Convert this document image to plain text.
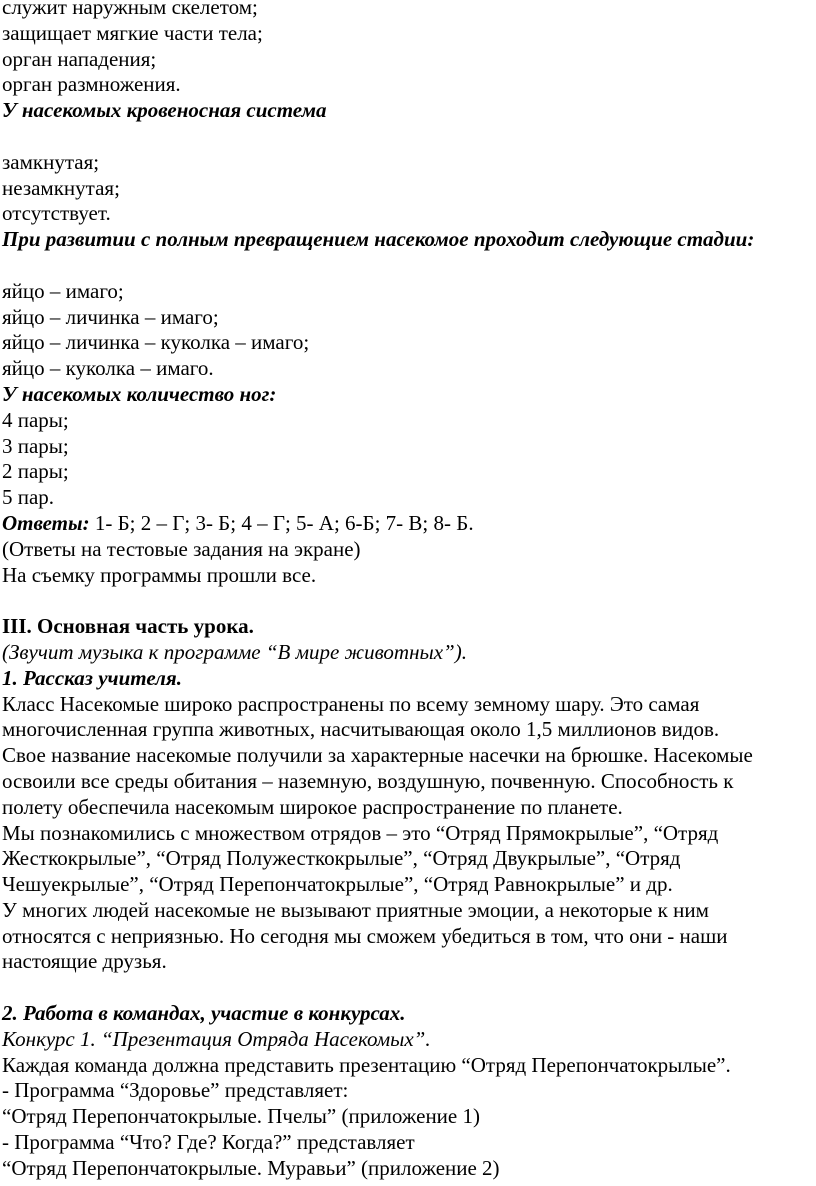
служит наружным скелетом;

защищает мягкие части тела;

орган нападения;

орган размножения.

У насекомых кровеносная система

замкнутая;

незамкнутая;

отсутствует.

При развитии с полным превращением насекомое проходит следующие стадии:

яйцо – имаго;

яйцо – личинка – имаго;

яйцо – личинка – куколка – имаго;

яйцо – куколка – имаго.

У насекомых количество ног:

4 пары;

3 пары;

2 пары;

5 пар.

Ответы: 1- Б; 2 – Г; 3- Б; 4 – Г; 5- А; 6-Б; 7- В; 8- Б.

(Ответы на тестовые задания на экране)

На съемку программы прошли все.

III. Основная часть урока.

(Звучит музыка к программе “В мире животных”).

1. Рассказ учителя.

Класс Насекомые широко распространены по всему земному шару. Это самая

многочисленная группа животных, насчитывающая около 1,5 миллионов видов.

Свое название насекомые получили за характерные насечки на брюшке. Насекомые

освоили все среды обитания – наземную, воздушную, почвенную. Способность к

полету обеспечила насекомым широкое распространение по планете.

Мы познакомились с множеством отрядов – это “Отряд Прямокрылые”, “Отряд

Жесткокрылые”, “Отряд Полужесткокрылые”, “Отряд Двукрылые”, “Отряд

Чешуекрылые”, “Отряд Перепончатокрылые”, “Отряд Равнокрылые” и др.

У многих людей насекомые не вызывают приятные эмоции, а некоторые к ним

относятся с неприязнью. Но сегодня мы сможем убедиться в том, что они - наши

настоящие друзья.

2. Работа в командах, участие в конкурсах.

Конкурс 1. “Презентация Отряда Насекомых”.

Каждая команда должна представить презентацию “Отряд Перепончатокрылые”.

- Программа “Здоровье” представляет:

“Отряд Перепончатокрылые. Пчелы” (приложение 1)

- Программа “Что? Где? Когда?” представляет

“Отряд Перепончатокрылые. Муравьи” (приложение 2)
